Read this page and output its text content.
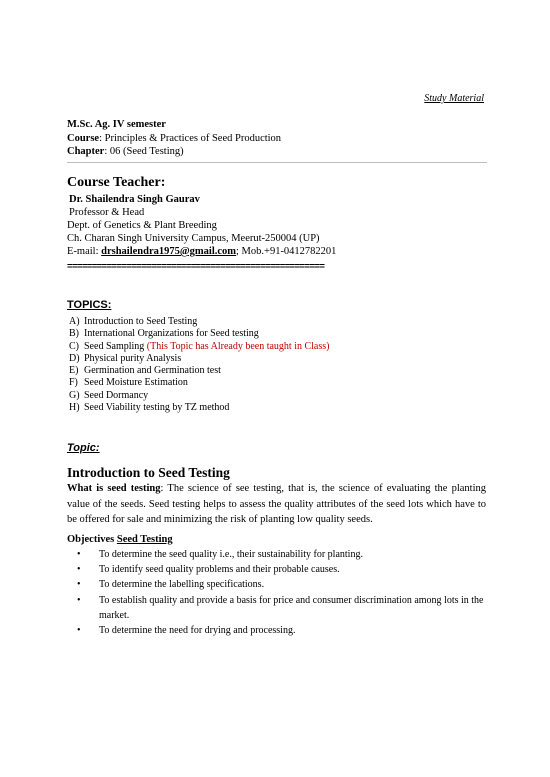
Study Material
M.Sc. Ag. IV semester
Course: Principles & Practices of Seed Production
Chapter: 06 (Seed Testing)
Course Teacher:
Dr. Shailendra Singh Gaurav
Professor & Head
Dept. of Genetics & Plant Breeding
Ch. Charan Singh University Campus, Meerut-250004 (UP)
E-mail: drshailendra1975@gmail.com; Mob.+91-0412782201
====================================================
TOPICS:
A) Introduction to Seed Testing
B) International Organizations for Seed testing
C) Seed Sampling (This Topic has Already been taught in Class)
D) Physical purity Analysis
E) Germination and Germination test
F) Seed Moisture Estimation
G) Seed Dormancy
H) Seed Viability testing by TZ method
Topic:
Introduction to Seed Testing
What is seed testing: The science of see testing, that is, the science of evaluating the planting value of the seeds. Seed testing helps to assess the quality attributes of the seed lots which have to be offered for sale and minimizing the risk of planting low quality seeds.
Objectives Seed Testing
• To determine the seed quality i.e., their sustainability for planting.
• To identify seed quality problems and their probable causes.
• To determine the labelling specifications.
• To establish quality and provide a basis for price and consumer discrimination among lots in the market.
• To determine the need for drying and processing.
